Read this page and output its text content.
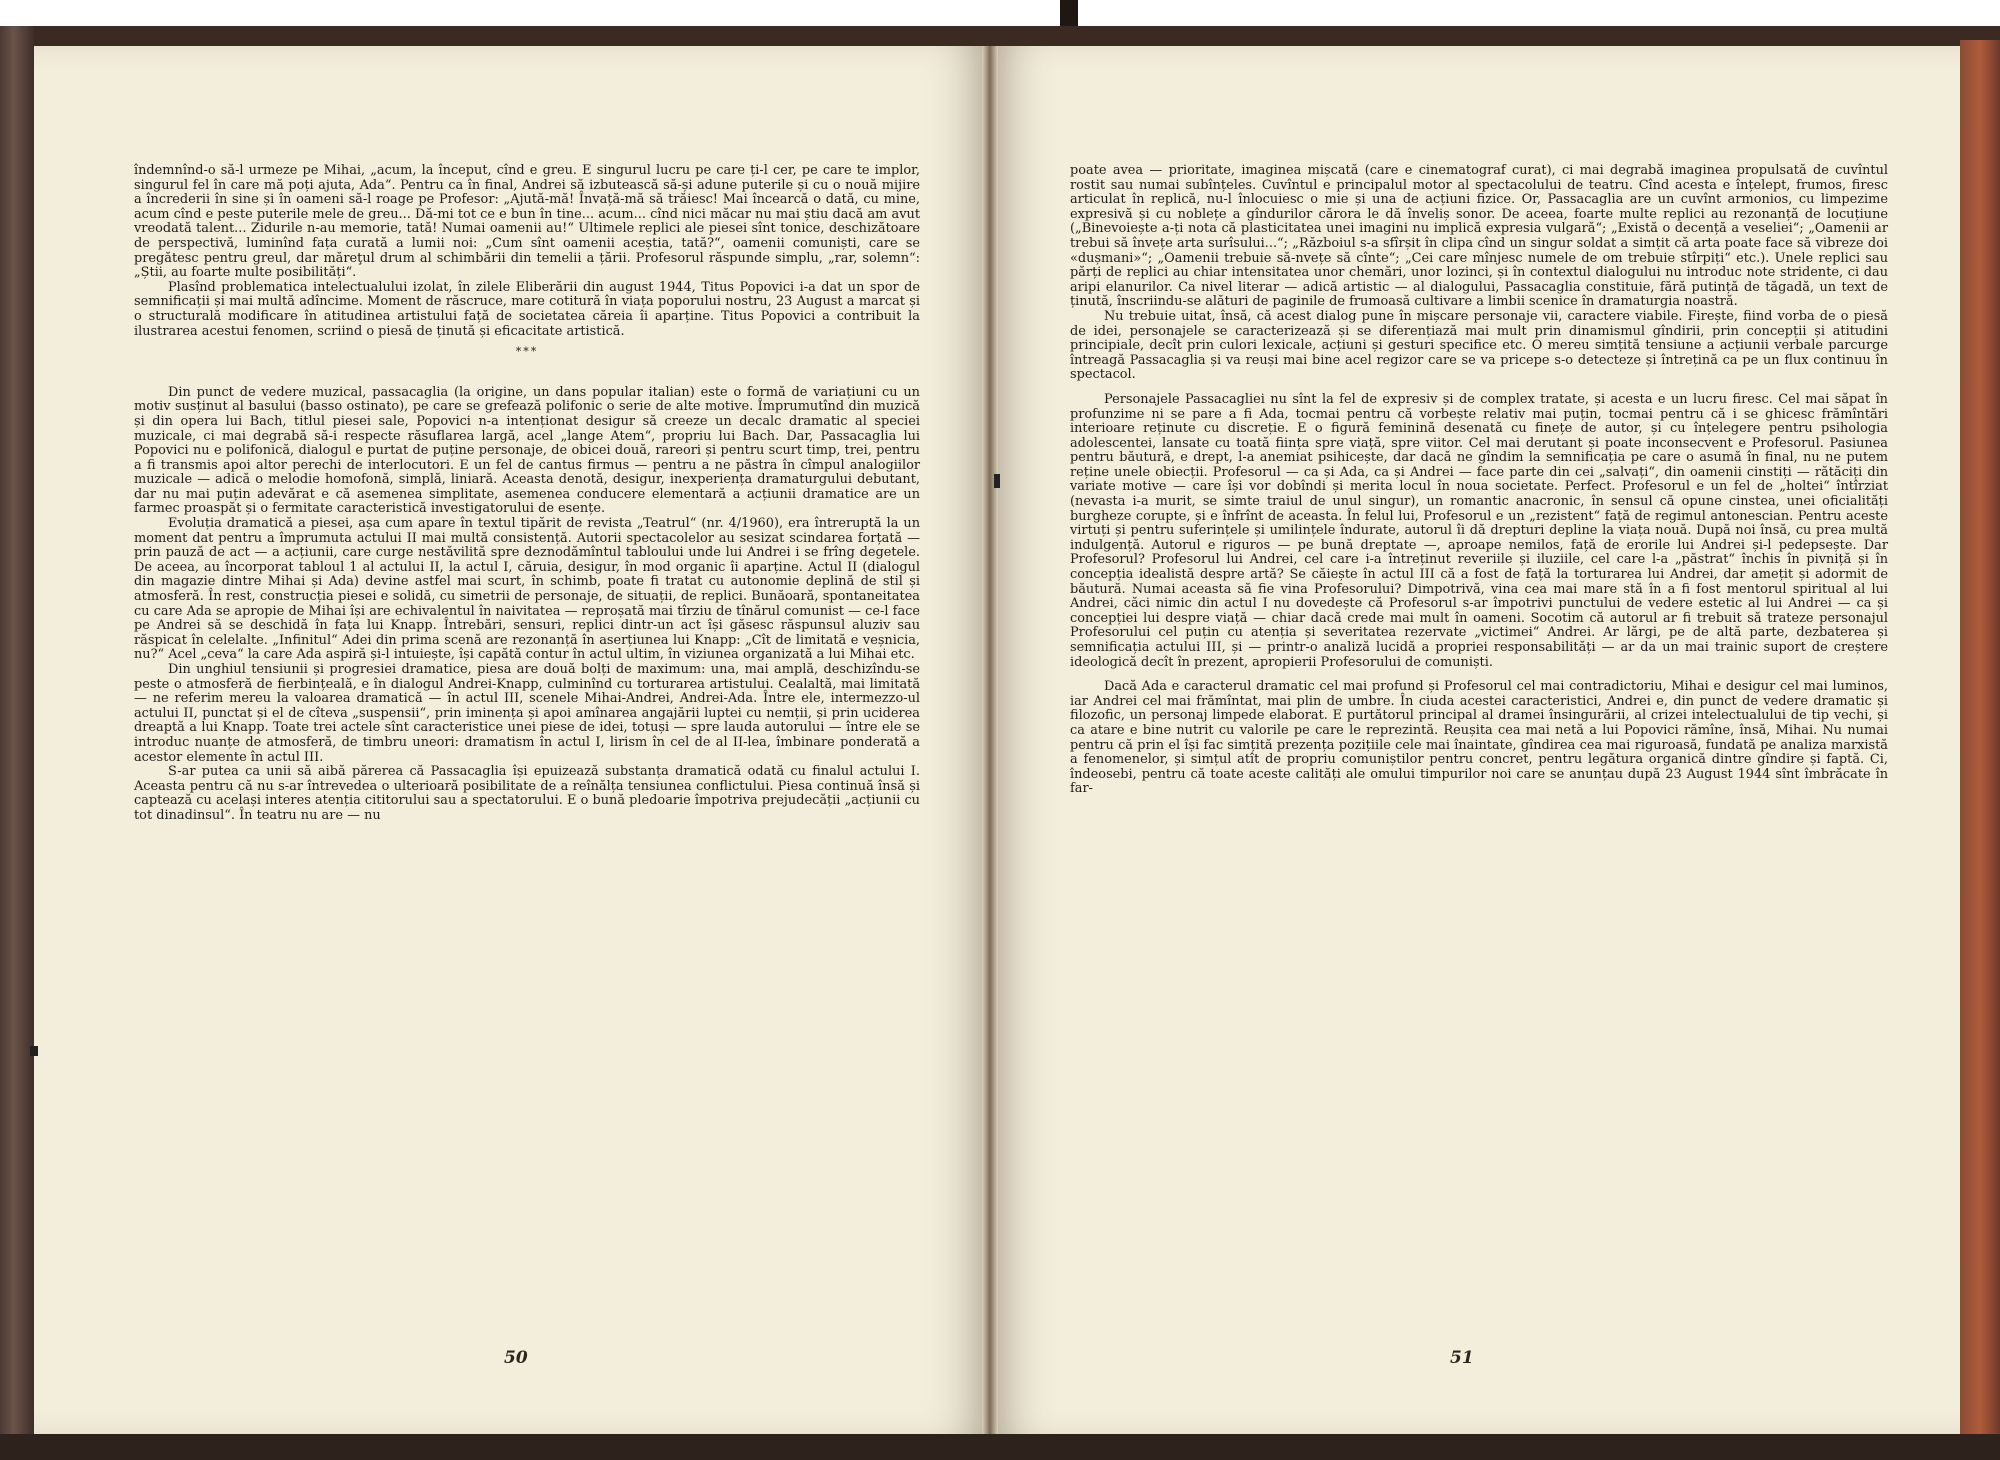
îndemnînd-o să-l urmeze pe Mihai, „acum, la început, cînd e greu. E singurul lucru pe care ți-l cer, pe care te implor, singurul fel în care mă poți ajuta, Ada“. Pentru ca în final, Andrei să izbutească să-și adune puterile și cu o nouă mijire a încrederii în sine și în oameni să-l roage pe Profesor: „Ajută-mă! Învață-mă să trăiesc! Mai încearcă o dată, cu mine, acum cînd e peste puterile mele de greu... Dă-mi tot ce e bun în tine... acum... cînd nici măcar nu mai știu dacă am avut vreodată talent... Zidurile n-au memorie, tată! Numai oamenii au!“ Ultimele replici ale piesei sînt tonice, deschizătoare de perspectivă, luminînd fața curată a lumii noi: „Cum sînt oamenii aceștia, tată?“, oamenii comuniști, care se pregătesc pentru greul, dar măreţul drum al schimbării din temelii a țării. Profesorul răspunde simplu, „rar, solemn“: „Știi, au foarte multe posibilități“.

Plasînd problematica intelectualului izolat, în zilele Eliberării din august 1944, Titus Popovici i-a dat un spor de semnificații și mai multă adîncime. Moment de răscruce, mare cotitură în viața poporului nostru, 23 August a marcat și o structurală modificare în atitudinea artistului față de societatea căreia îi aparține. Titus Popovici a contribuit la ilustrarea acestui fenomen, scriind o piesă de ținută și eficacitate artistică.

***

Din punct de vedere muzical, passacaglia (la origine, un dans popular italian) este o formă de variațiuni cu un motiv susținut al basului (basso ostinato), pe care se grefează polifonic o serie de alte motive. Împrumutînd din muzică și din opera lui Bach, titlul piesei sale, Popovici n-a intenționat desigur să creeze un decalc dramatic al speciei muzicale, ci mai degrabă să-i respecte răsuflarea largă, acel „lange Atem“, propriu lui Bach. Dar, Passacaglia lui Popovici nu e polifonică, dialogul e purtat de puține personaje, de obicei două, rareori și pentru scurt timp, trei, pentru a fi transmis apoi altor perechi de interlocutori. E un fel de cantus firmus — pentru a ne păstra în cîmpul analogiilor muzicale — adică o melodie homofonă, simplă, liniară. Aceasta denotă, desigur, inexperiența dramaturgului debutant, dar nu mai puțin adevărat e că asemenea simplitate, asemenea conducere elementară a acțiunii dramatice are un farmec proaspăt și o fermitate caracteristică investigatorului de esențe.

Evoluția dramatică a piesei, așa cum apare în textul tipărit de revista „Teatrul“ (nr. 4/1960), era întreruptă la un moment dat pentru a împrumuta actului II mai multă consistență. Autorii spectacolelor au sesizat scindarea forțată — prin pauză de act — a acțiunii, care curge nestăvilită spre deznodămîntul tabloului unde lui Andrei i se frîng degetele. De aceea, au încorporat tabloul 1 al actului II, la actul I, căruia, desigur, în mod organic îi aparține. Actul II (dialogul din magazie dintre Mihai și Ada) devine astfel mai scurt, în schimb, poate fi tratat cu autonomie deplină de stil și atmosferă. În rest, construcția piesei e solidă, cu simetrii de personaje, de situații, de replici. Bunăoară, spontaneitatea cu care Ada se apropie de Mihai își are echivalentul în naivitatea — reproșată mai tîrziu de tînărul comunist — ce-l face pe Andrei să se deschidă în fața lui Knapp. Întrebări, sensuri, replici dintr-un act își găsesc răspunsul aluziv sau răspicat în celelalte. „Infinitul“ Adei din prima scenă are rezonanță în aserțiunea lui Knapp: „Cît de limitată e veșnicia, nu?“ Acel „ceva“ la care Ada aspiră și-l intuiește, își capătă contur în actul ultim, în viziunea organizată a lui Mihai etc.

Din unghiul tensiunii și progresiei dramatice, piesa are două bolți de maximum: una, mai amplă, deschizîndu-se peste o atmosferă de fierbințeală, e în dialogul Andrei-Knapp, culminînd cu torturarea artistului. Cealaltă, mai limitată — ne referim mereu la valoarea dramatică — în actul III, scenele Mihai-Andrei, Andrei-Ada. Între ele, intermezzo-ul actului II, punctat și el de cîteva „suspensii“, prin iminența și apoi amînarea angajării luptei cu nemții, și prin uciderea dreaptă a lui Knapp. Toate trei actele sînt caracteristice unei piese de idei, totuși — spre lauda autorului — între ele se introduc nuanțe de atmosferă, de timbru uneori: dramatism în actul I, lirism în cel de al II-lea, îmbinare ponderată a acestor elemente în actul III.

S-ar putea ca unii să aibă părerea că Passacaglia își epuizează substanța dramatică odată cu finalul actului I. Aceasta pentru că nu s-ar întrevedea o ulterioară posibilitate de a reînălța tensiunea conflictului. Piesa continuă însă și captează cu același interes atenția cititorului sau a spectatorului. E o bună pledoarie împotriva prejudecății „acțiunii cu tot dinadinsul“. În teatru nu are — nu

50

poate avea — prioritate, imaginea mișcată (care e cinematograf curat), ci mai degrabă imaginea propulsată de cuvîntul rostit sau numai subînțeles. Cuvîntul e principalul motor al spectacolului de teatru. Cînd acesta e înțelept, frumos, firesc articulat în replică, nu-l înlocuiesc o mie și una de acțiuni fizice. Or, Passacaglia are un cuvînt armonios, cu limpezime expresivă și cu noblețe a gîndurilor cărora le dă înveliș sonor. De aceea, foarte multe replici au rezonanță de locuțiune („Binevoiește a-ți nota că plasticitatea unei imagini nu implică expresia vulgară“; „Există o decență a veseliei“; „Oamenii ar trebui să învețe arta surîsului...“; „Războiul s-a sfîrșit în clipa cînd un singur soldat a simțit că arta poate face să vibreze doi «dușmani»“; „Oamenii trebuie să-nvețe să cînte“; „Cei care mînjesc numele de om trebuie stîrpiți“ etc.). Unele replici sau părți de replici au chiar intensitatea unor chemări, unor lozinci, și în contextul dialogului nu introduc note stridente, ci dau aripi elanurilor. Ca nivel literar — adică artistic — al dialogului, Passacaglia constituie, fără putință de tăgadă, un text de ținută, înscriindu-se alături de paginile de frumoasă cultivare a limbii scenice în dramaturgia noastră.

Nu trebuie uitat, însă, că acest dialog pune în mișcare personaje vii, caractere viabile. Firește, fiind vorba de o piesă de idei, personajele se caracterizează și se diferențiază mai mult prin dinamismul gîndirii, prin concepții și atitudini principiale, decît prin culori lexicale, acțiuni și gesturi specifice etc. O mereu simțită tensiune a acțiunii verbale parcurge întreagă Passacaglia și va reuși mai bine acel regizor care se va pricepe s-o detecteze și întrețină ca pe un flux continuu în spectacol.

Personajele Passacagliei nu sînt la fel de expresiv și de complex tratate, și acesta e un lucru firesc. Cel mai săpat în profunzime ni se pare a fi Ada, tocmai pentru că vorbește relativ mai puțin, tocmai pentru că i se ghicesc frămîntări interioare reținute cu discreție. E o figură feminină desenată cu finețe de autor, și cu înțelegere pentru psihologia adolescentei, lansate cu toată ființa spre viață, spre viitor. Cel mai derutant și poate inconsecvent e Profesorul. Pasiunea pentru băutură, e drept, l-a anemiat psihicește, dar dacă ne gîndim la semnificația pe care o asumă în final, nu ne putem reține unele obiecții. Profesorul — ca și Ada, ca și Andrei — face parte din cei „salvați“, din oamenii cinstiți — rătăciți din variate motive — care își vor dobîndi și merita locul în noua societate. Perfect. Profesorul e un fel de „holtei“ întîrziat (nevasta i-a murit, se simte traiul de unul singur), un romantic anacronic, în sensul că opune cinstea, unei oficialități burgheze corupte, și e înfrînt de aceasta. În felul lui, Profesorul e un „rezistent“ față de regimul antonescian. Pentru aceste virtuți și pentru suferințele și umilințele îndurate, autorul îi dă drepturi depline la viața nouă. După noi însă, cu prea multă indulgență. Autorul e riguros — pe bună dreptate —, aproape nemilos, față de erorile lui Andrei și-l pedepsește. Dar Profesorul? Profesorul lui Andrei, cel care i-a întreținut reveriile și iluziile, cel care l-a „păstrat“ închis în pivniță și în concepția idealistă despre artă? Se căiește în actul III că a fost de față la torturarea lui Andrei, dar amețit și adormit de băutură. Numai aceasta să fie vina Profesorului? Dimpotrivă, vina cea mai mare stă în a fi fost mentorul spiritual al lui Andrei, căci nimic din actul I nu dovedește că Profesorul s-ar împotrivi punctului de vedere estetic al lui Andrei — ca și concepției lui despre viață — chiar dacă crede mai mult în oameni. Socotim că autorul ar fi trebuit să trateze personajul Profesorului cel puțin cu atenția și severitatea rezervate „victimei“ Andrei. Ar lărgi, pe de altă parte, dezbaterea și semnificația actului III, și — printr-o analiză lucidă a propriei responsabilități — ar da un mai trainic suport de creștere ideologică decît în prezent, apropierii Profesorului de comuniști.

Dacă Ada e caracterul dramatic cel mai profund și Profesorul cel mai contradictoriu, Mihai e desigur cel mai luminos, iar Andrei cel mai frămîntat, mai plin de umbre. În ciuda acestei caracteristici, Andrei e, din punct de vedere dramatic și filozofic, un personaj limpede elaborat. E purtătorul principal al dramei însingurării, al crizei intelectualului de tip vechi, și ca atare e bine nutrit cu valorile pe care le reprezintă. Reușita cea mai netă a lui Popovici rămîne, însă, Mihai. Nu numai pentru că prin el își fac simțită prezența pozițiile cele mai înaintate, gîndirea cea mai riguroasă, fundată pe analiza marxistă a fenomenelor, și simțul atît de propriu comuniștilor pentru concret, pentru legătura organică dintre gîndire și faptă. Ci, îndeosebi, pentru că toate aceste calități ale omului timpurilor noi care se anunțau după 23 August 1944 sînt îmbrăcate în far-

51
